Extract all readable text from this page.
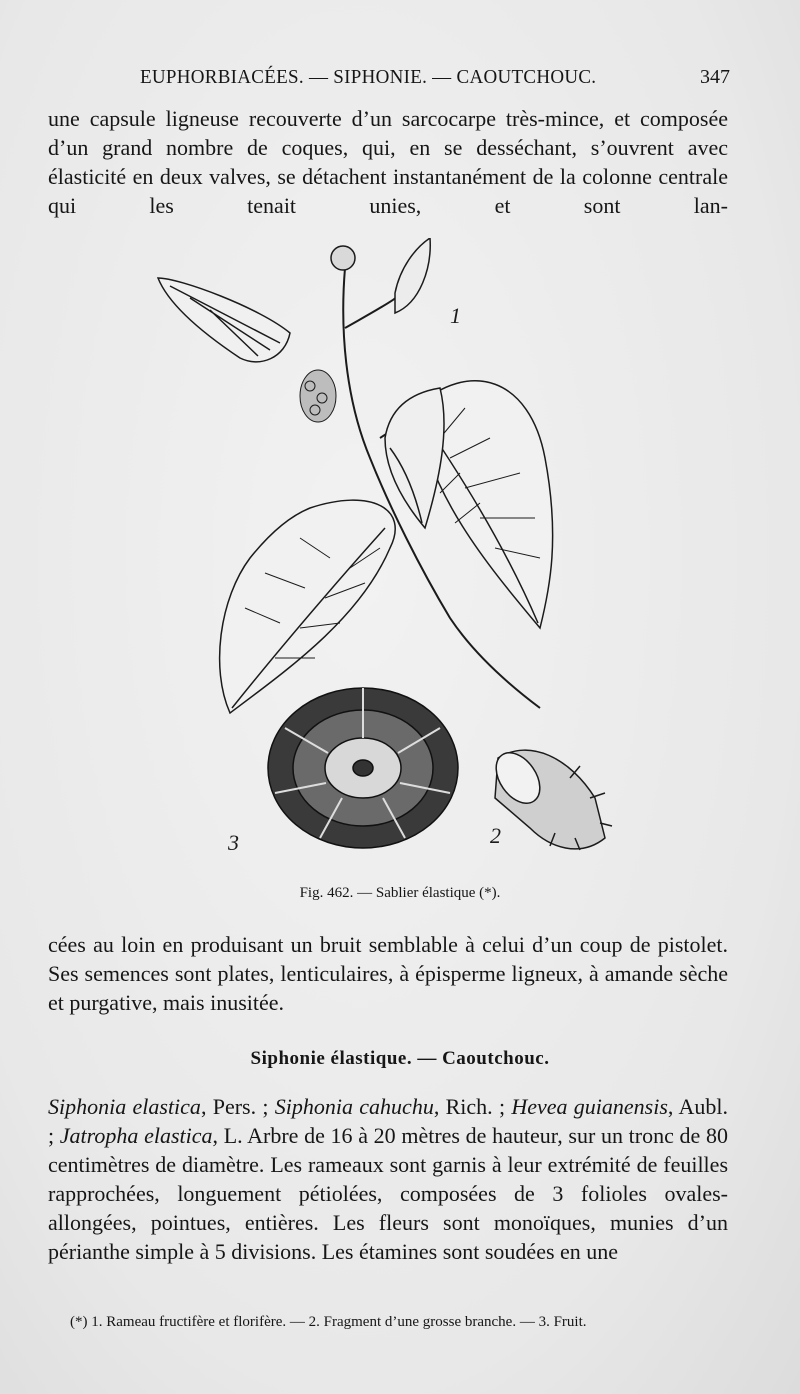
EUPHORBIACÉES. — SIPHONIE. — CAOUTCHOUC.	347
une capsule ligneuse recouverte d’un sarcocarpe très-mince, et composée d’un grand nombre de coques, qui, en se desséchant, s’ouvrent avec élasticité en deux valves, se détachent instantanément de la colonne centrale qui les tenait unies, et sont lan-
1
2
3
Fig. 462. — Sablier élastique (*).
cées au loin en produisant un bruit semblable à celui d’un coup de pistolet. Ses semences sont plates, lenticulaires, à épisperme ligneux, à amande sèche et purgative, mais inusitée.
Siphonie élastique. — Caoutchouc.
Siphonia elastica, Pers. ; Siphonia cahuchu, Rich. ; Hevea guianensis, Aubl. ; Jatropha elastica, L. Arbre de 16 à 20 mètres de hauteur, sur un tronc de 80 centimètres de diamètre. Les rameaux sont garnis à leur extrémité de feuilles rapprochées, longuement pétiolées, composées de 3 folioles ovales-allongées, pointues, entières. Les fleurs sont monoïques, munies d’un périanthe simple à 5 divisions. Les étamines sont soudées en une
(*) 1. Rameau fructifère et florifère. — 2. Fragment d’une grosse branche. — 3. Fruit.
